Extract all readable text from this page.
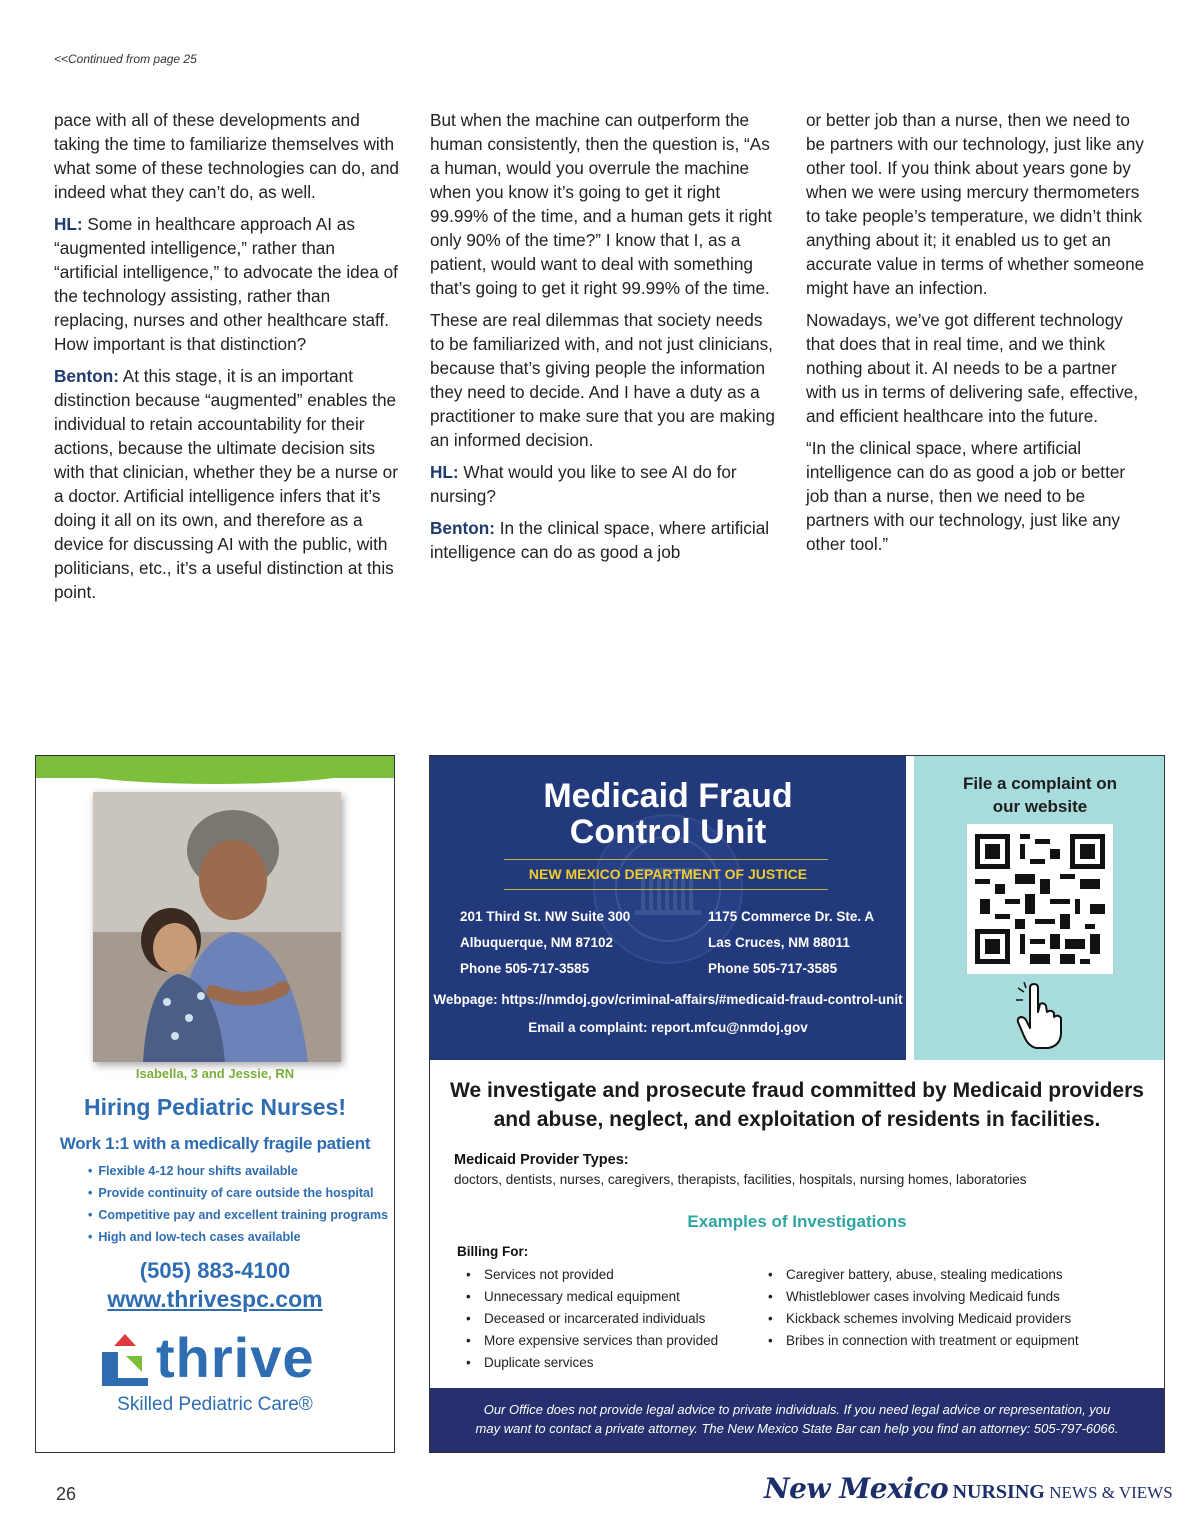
<<Continued from page 25

pace with all of these developments and taking the time to familiarize themselves with what some of these technologies can do, and indeed what they can’t do, as well.

HL: Some in healthcare approach AI as “augmented intelligence,” rather than “artificial intelligence,” to advocate the idea of the technology assisting, rather than replacing, nurses and other healthcare staff. How important is that distinction?

Benton: At this stage, it is an important distinction because “augmented” enables the individual to retain accountability for their actions, because the ultimate decision sits with that clinician, whether they be a nurse or a doctor. Artificial intelligence infers that it’s doing it all on its own, and therefore as a device for discussing AI with the public, with politicians, etc., it’s a useful distinction at this point.

But when the machine can outperform the human consistently, then the question is, “As a human, would you overrule the machine when you know it’s going to get it right 99.99% of the time, and a human gets it right only 90% of the time?” I know that I, as a patient, would want to deal with something that’s going to get it right 99.99% of the time.

These are real dilemmas that society needs to be familiarized with, and not just clinicians, because that’s giving people the information they need to decide. And I have a duty as a practitioner to make sure that you are making an informed decision.

HL: What would you like to see AI do for nursing?

Benton: In the clinical space, where artificial intelligence can do as good a job

or better job than a nurse, then we need to be partners with our technology, just like any other tool. If you think about years gone by when we were using mercury thermometers to take people’s temperature, we didn’t think anything about it; it enabled us to get an accurate value in terms of whether someone might have an infection.

Nowadays, we’ve got different technology that does that in real time, and we think nothing about it. AI needs to be a partner with us in terms of delivering safe, effective, and efficient healthcare into the future.

“In the clinical space, where artificial intelligence can do as good a job or better job than a nurse, then we need to be partners with our technology, just like any other tool.”

Isabella, 3 and Jessie, RN
Hiring Pediatric Nurses!
Work 1:1 with a medically fragile patient
• Flexible 4-12 hour shifts available
• Provide continuity of care outside the hospital
• Competitive pay and excellent training programs
• High and low-tech cases available
(505) 883-4100
www.thrivespc.com
thrive
Skilled Pediatric Care®
Medicaid Fraud
Control Unit
NEW MEXICO DEPARTMENT OF JUSTICE
201 Third St. NW Suite 300
Albuquerque, NM 87102
Phone 505-717-3585
1175 Commerce Dr. Ste. A
Las Cruces, NM 88011
Phone 505-717-3585
Webpage: https://nmdoj.gov/criminal-affairs/#medicaid-fraud-control-unit
Email a complaint: report.mfcu@nmdoj.gov
File a complaint on
our website
We investigate and prosecute fraud committed by Medicaid providers
and abuse, neglect, and exploitation of residents in facilities.
Medicaid Provider Types:
doctors, dentists, nurses, caregivers, therapists, facilities, hospitals, nursing homes, laboratories
Examples of Investigations
Billing For:
• Services not provided
• Unnecessary medical equipment
• Deceased or incarcerated individuals
• More expensive services than provided
• Duplicate services
• Caregiver battery, abuse, stealing medications
• Whistleblower cases involving Medicaid funds
• Kickback schemes involving Medicaid providers
• Bribes in connection with treatment or equipment
Our Office does not provide legal advice to private individuals. If you need legal advice or representation, you
may want to contact a private attorney. The New Mexico State Bar can help you find an attorney: 505-797-6066.
26	New Mexico NURSING NEWS & VIEWS
